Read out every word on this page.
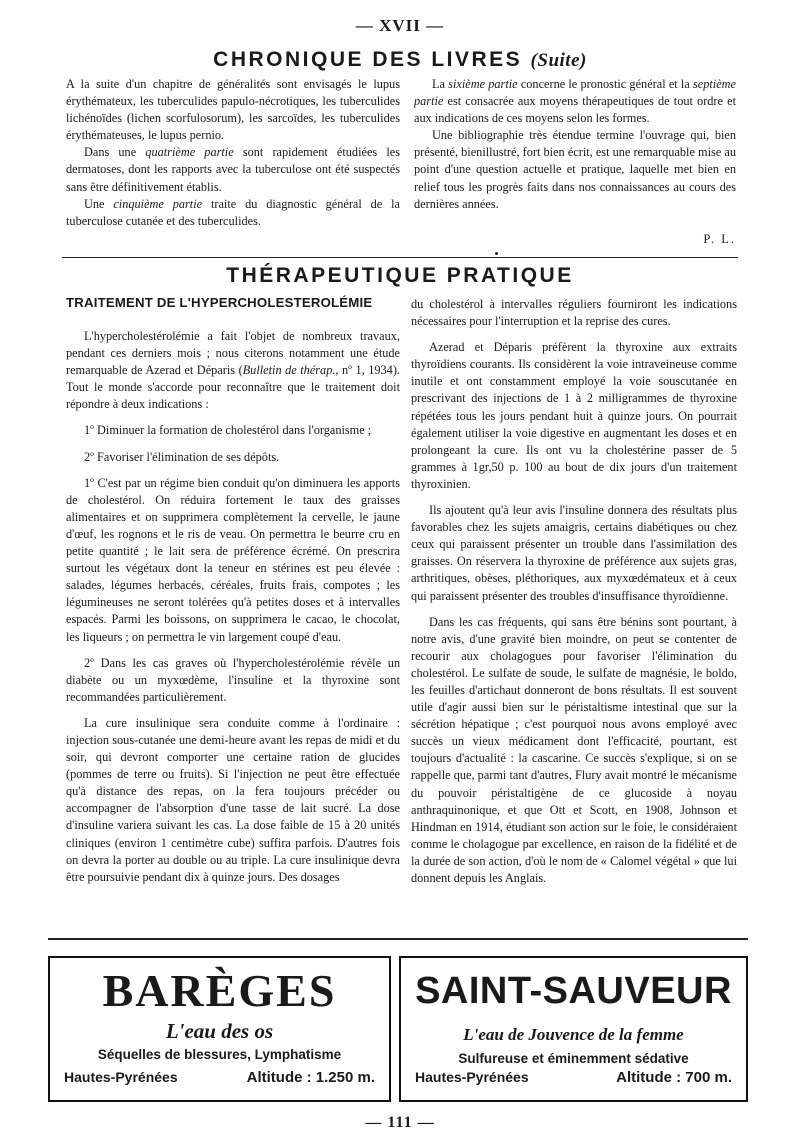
— XVII —
CHRONIQUE DES LIVRES (Suite)

A la suite d'un chapitre de généralités sont envisagés le lupus érythémateux, les tuberculides papulo-nécrotiques, les tuberculides lichénoïdes (lichen scorfulosorum), les sarcoïdes, les tuberculides érythémateuses, le lupus pernio.

Dans une quatrième partie sont rapidement étudiées les dermatoses, dont les rapports avec la tuberculose ont été suspectés sans être définitivement établis.

Une cinquième partie traite du diagnostic général de la tuberculose cutanée et des tuberculides.

La sixième partie concerne le pronostic général et la septième partie est consacrée aux moyens thérapeutiques de tout ordre et aux indications de ces moyens selon les formes.

Une bibliographie très étendue termine l'ouvrage qui, bien présenté, bienillustré, fort bien écrit, est une remarquable mise au point d'une question actuelle et pratique, laquelle met bien en relief tous les progrès faits dans nos connaissances au cours des dernières années.

P. L.
THÉRAPEUTIQUE PRATIQUE
TRAITEMENT DE L'HYPERCHOLESTEROLÉMIE

L'hypercholestérolémie a fait l'objet de nombreux travaux, pendant ces derniers mois ; nous citerons notamment une étude remarquable de Azerad et Déparis (Bulletin de thérap., nº 1, 1934). Tout le monde s'accorde pour reconnaître que le traitement doit répondre à deux indications :

1º Diminuer la formation de cholestérol dans l'organisme ;

2º Favoriser l'élimination de ses dépôts.

1º C'est par un régime bien conduit qu'on diminuera les apports de cholestérol. On réduira fortement le taux des graisses alimentaires et on supprimera complètement la cervelle, le jaune d'œuf, les rognons et le ris de veau. On permettra le beurre cru en petite quantité ; le lait sera de préférence écrémé. On prescrira surtout les végétaux dont la teneur en stérines est peu élevée : salades, légumes herbacés, céréales, fruits frais, compotes ; les légumineuses ne seront tolérées qu'à petites doses et à intervalles espacés. Parmi les boissons, on supprimera le cacao, le chocolat, les liqueurs ; on permettra le vin largement coupé d'eau.

2º Dans les cas graves où l'hypercholestérolémie révèle un diabète ou un myxœdème, l'insuline et la thyroxine sont recommandées particulièrement.

La cure insulinique sera conduite comme à l'ordinaire : injection sous-cutanée une demi-heure avant les repas de midi et du soir, qui devront comporter une certaine ration de glucides (pommes de terre ou fruits). Si l'injection ne peut être effectuée qu'à distance des repas, on la fera toujours précéder ou accompagner de l'absorption d'une tasse de lait sucré. La dose d'insuline variera suivant les cas. La dose faible de 15 à 20 unités cliniques (environ 1 centimètre cube) suffira parfois. D'autres fois on devra la porter au double ou au triple. La cure insulinique devra être poursuivie pendant dix à quinze jours. Des dosages

du cholestérol à intervalles réguliers fourniront les indications nécessaires pour l'interruption et la reprise des cures.

Azerad et Déparis préfèrent la thyroxine aux extraits thyroïdiens courants. Ils considèrent la voie intraveineuse comme inutile et ont constamment employé la voie souscutanée en prescrivant des injections de 1 à 2 milligrammes de thyroxine répétées tous les jours pendant huit à quinze jours. On pourrait également utiliser la voie digestive en augmentant les doses et en prolongeant la cure. Ils ont vu la cholestérine passer de 5 grammes à 1gr,50 p. 100 au bout de dix jours d'un traitement thyroxinien.

Ils ajoutent qu'à leur avis l'insuline donnera des résultats plus favorables chez les sujets amaigris, certains diabétiques ou chez ceux qui paraissent présenter un trouble dans l'assimilation des graisses. On réservera la thyroxine de préférence aux sujets gras, arthritiques, obèses, pléthoriques, aux myxœdémateux et à ceux qui paraissent présenter des troubles d'insuffisance thyroïdienne.

Dans les cas fréquents, qui sans être bénins sont pourtant, à notre avis, d'une gravité bien moindre, on peut se contenter de recourir aux cholagogues pour favoriser l'élimination du cholestérol. Le sulfate de soude, le sulfate de magnésie, le boldo, les feuilles d'artichaut donneront de bons résultats. Il est souvent utile d'agir aussi bien sur le péristaltisme intestinal que sur la sécrétion hépatique ; c'est pourquoi nous avons employé avec succès un vieux médicament dont l'efficacité, pourtant, est toujours d'actualité : la cascarine. Ce succès s'explique, si on se rappelle que, parmi tant d'autres, Flury avait montré le mécanisme du pouvoir péristaltigène de ce glucoside à noyau anthraquinonique, et que Ott et Scott, en 1908, Johnson et Hindman en 1914, étudiant son action sur le foie, le considéraient comme le cholagogue par excellence, en raison de la fidélité et de la durée de son action, d'où le nom de « Calomel végétal » que lui donnent depuis les Anglais.

BARÈGES
L'eau des os
Séquelles de blessures, Lymphatisme
Hautes-Pyrénées	Altitude : 1.250 m.
SAINT-SAUVEUR
L'eau de Jouvence de la femme
Sulfureuse et éminemment sédative
Hautes-Pyrénées	Altitude : 700 m.
— 111 —
